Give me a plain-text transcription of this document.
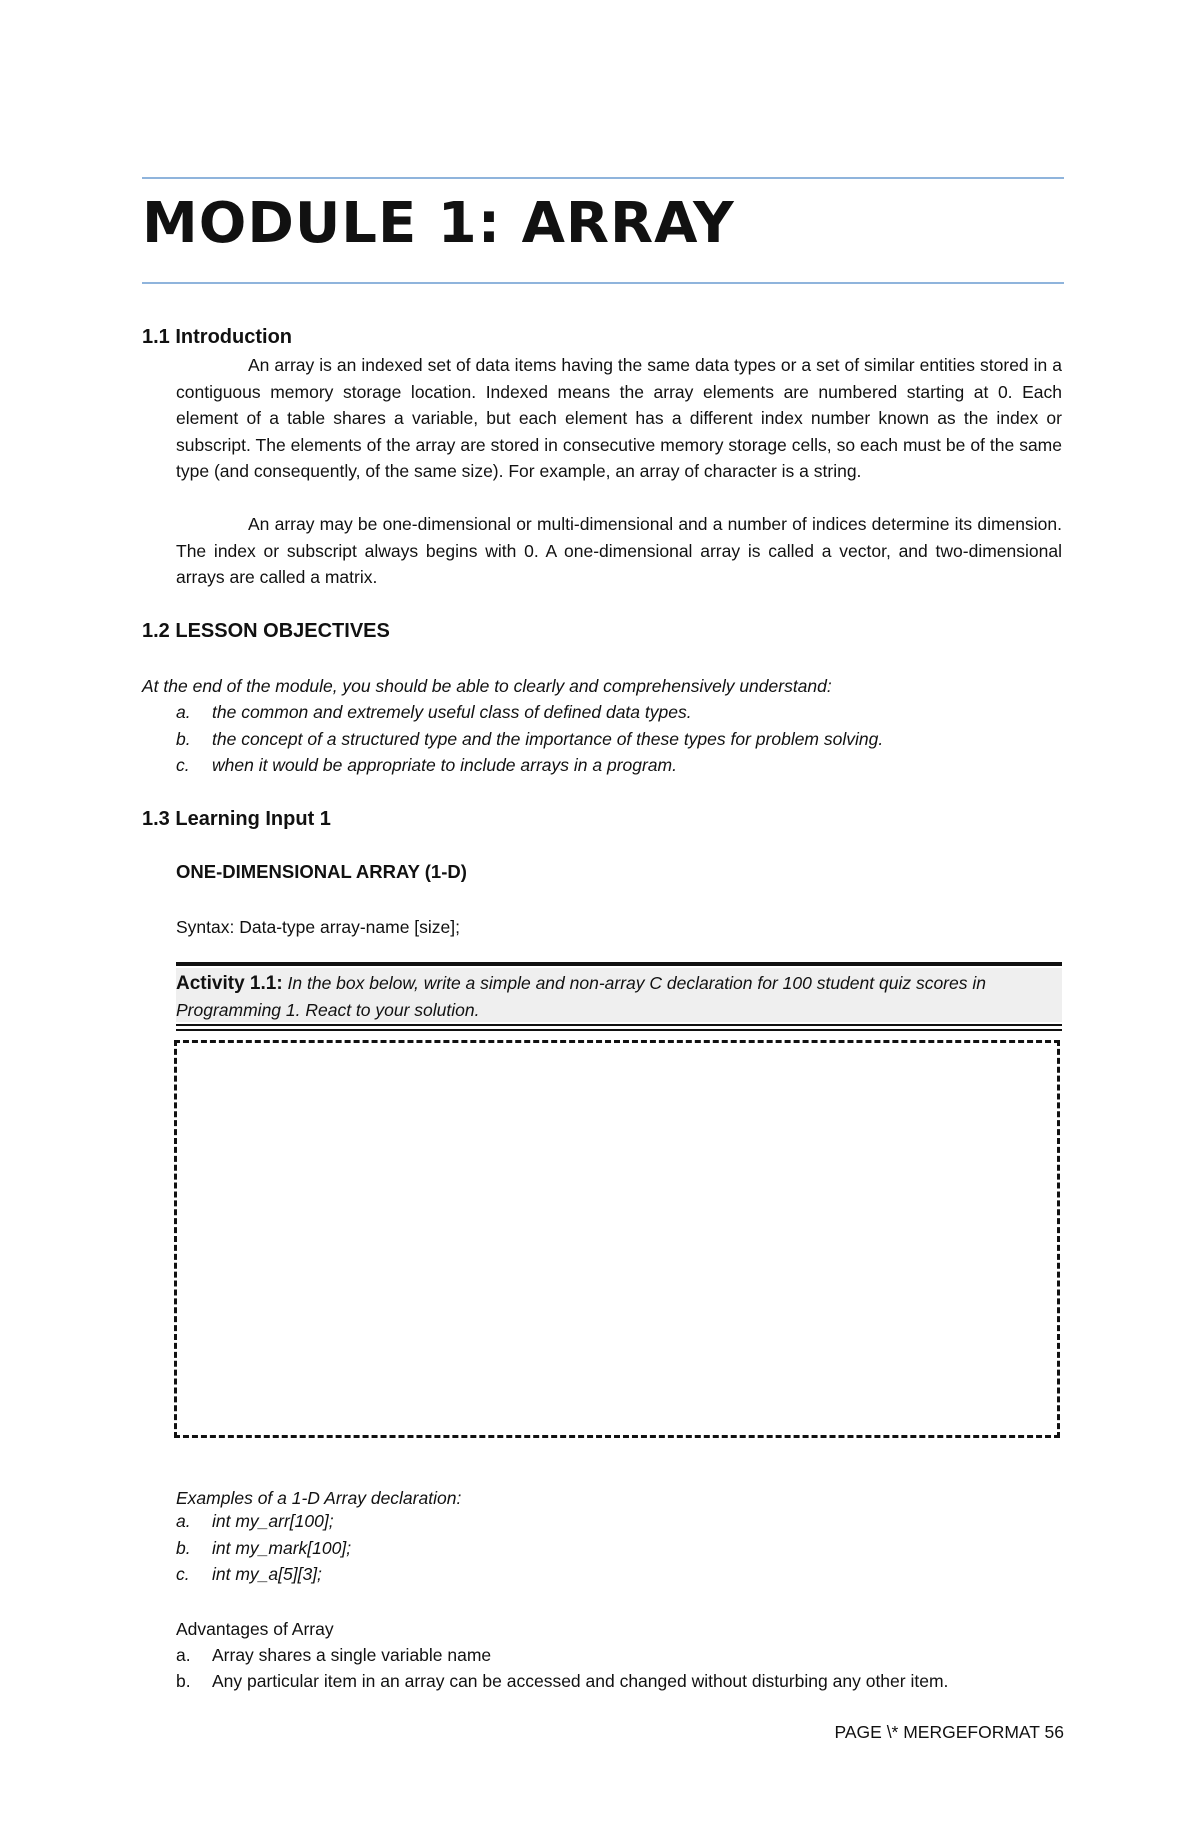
MODULE 1: ARRAY
1.1 Introduction

An array is an indexed set of data items having the same data types or a set of similar entities stored in a contiguous memory storage location. Indexed means the array elements are numbered starting at 0. Each element of a table shares a variable, but each element has a different index number known as the index or subscript. The elements of the array are stored in consecutive memory storage cells, so each must be of the same type (and consequently, of the same size). For example, an array of character is a string.

An array may be one-dimensional or multi-dimensional and a number of indices determine its dimension. The index or subscript always begins with 0. A one-dimensional array is called a vector, and two-dimensional arrays are called a matrix.

1.2 LESSON OBJECTIVES
At the end of the module, you should be able to clearly and comprehensively understand:
a. the common and extremely useful class of defined data types.
b. the concept of a structured type and the importance of these types for problem solving.
c. when it would be appropriate to include arrays in a program.
1.3 Learning Input 1
ONE-DIMENSIONAL ARRAY (1-D)
Syntax: Data-type array-name [size];
Activity 1.1: In the box below, write a simple and non-array C declaration for 100 student quiz scores in Programming 1. React to your solution.
Examples of a 1-D Array declaration:
a. int my_arr[100];
b. int my_mark[100];
c. int my_a[5][3];
Advantages of Array
a. Array shares a single variable name
b. Any particular item in an array can be accessed and changed without disturbing any other item.
PAGE \* MERGEFORMAT 56
